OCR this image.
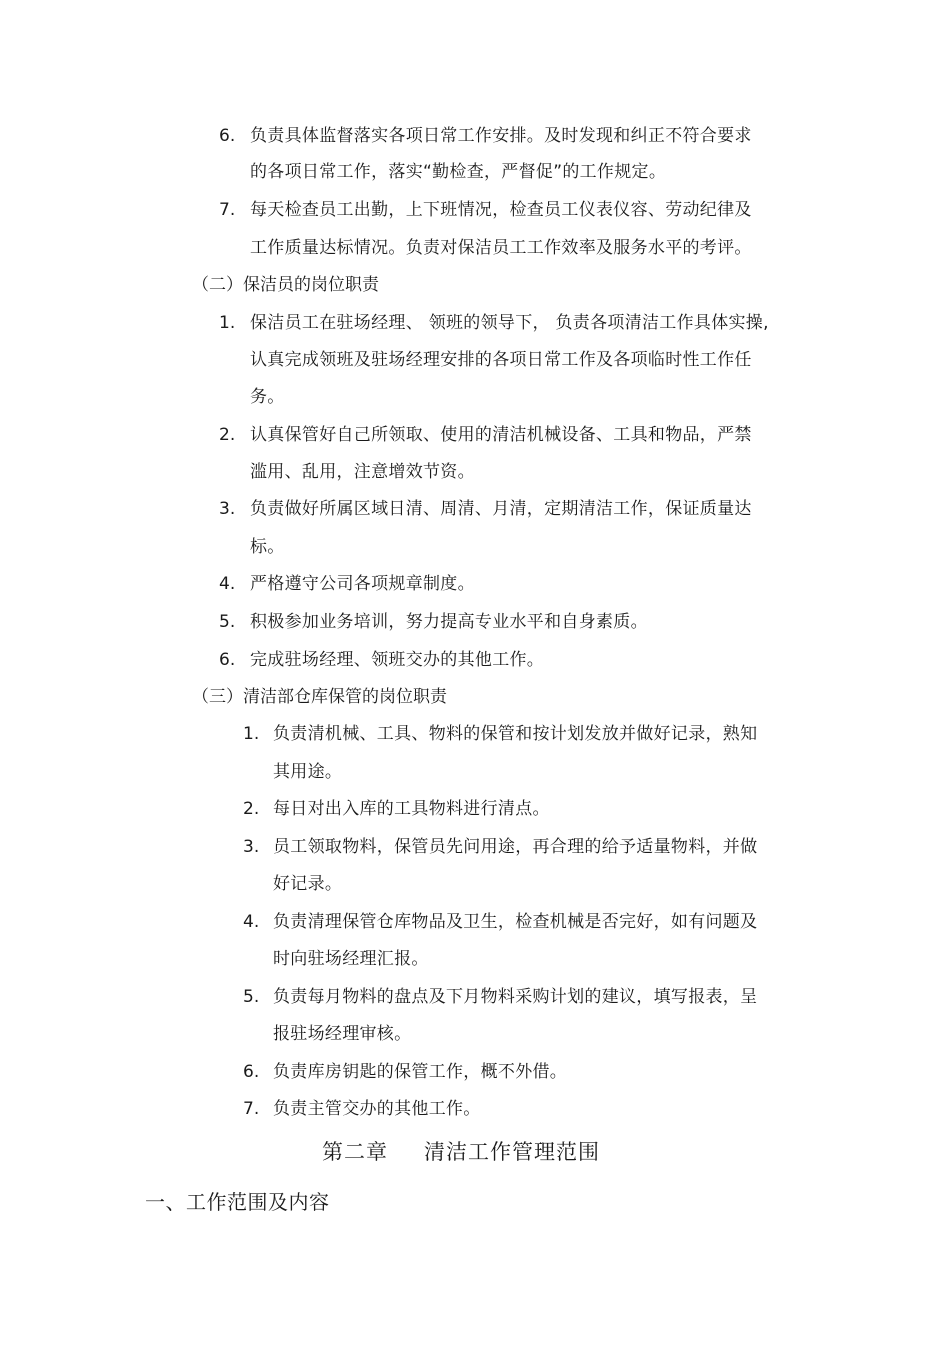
6. 负责具体监督落实各项日常工作安排。及时发现和纠正不符合要求
的各项日常工作，落实“勤检查，严督促”的工作规定。
7. 每天检查员工出勤，上下班情况，检查员工仪表仪容、劳动纪律及
工作质量达标情况。负责对保洁员工工作效率及服务水平的考评。
（二）保洁员的岗位职责
1. 保洁员工在驻场经理、 领班的领导下， 负责各项清洁工作具体实操,
认真完成领班及驻场经理安排的各项日常工作及各项临时性工作任
务。
2. 认真保管好自己所领取、使用的清洁机械设备、工具和物品，严禁
滥用、乱用，注意增效节资。
3. 负责做好所属区域日清、周清、月清，定期清洁工作，保证质量达
标。
4. 严格遵守公司各项规章制度。
5. 积极参加业务培训，努力提高专业水平和自身素质。
6. 完成驻场经理、领班交办的其他工作。
（三）清洁部仓库保管的岗位职责
1. 负责清机械、工具、物料的保管和按计划发放并做好记录，熟知
其用途。
2. 每日对出入库的工具物料进行清点。
3. 员工领取物料，保管员先问用途，再合理的给予适量物料，并做
好记录。
4. 负责清理保管仓库物品及卫生，检查机械是否完好，如有问题及
时向驻场经理汇报。
5. 负责每月物料的盘点及下月物料采购计划的建议，填写报表，呈
报驻场经理审核。
6. 负责库房钥匙的保管工作，概不外借。
7. 负责主管交办的其他工作。
第二章 清洁工作管理范围
一、工作范围及内容
